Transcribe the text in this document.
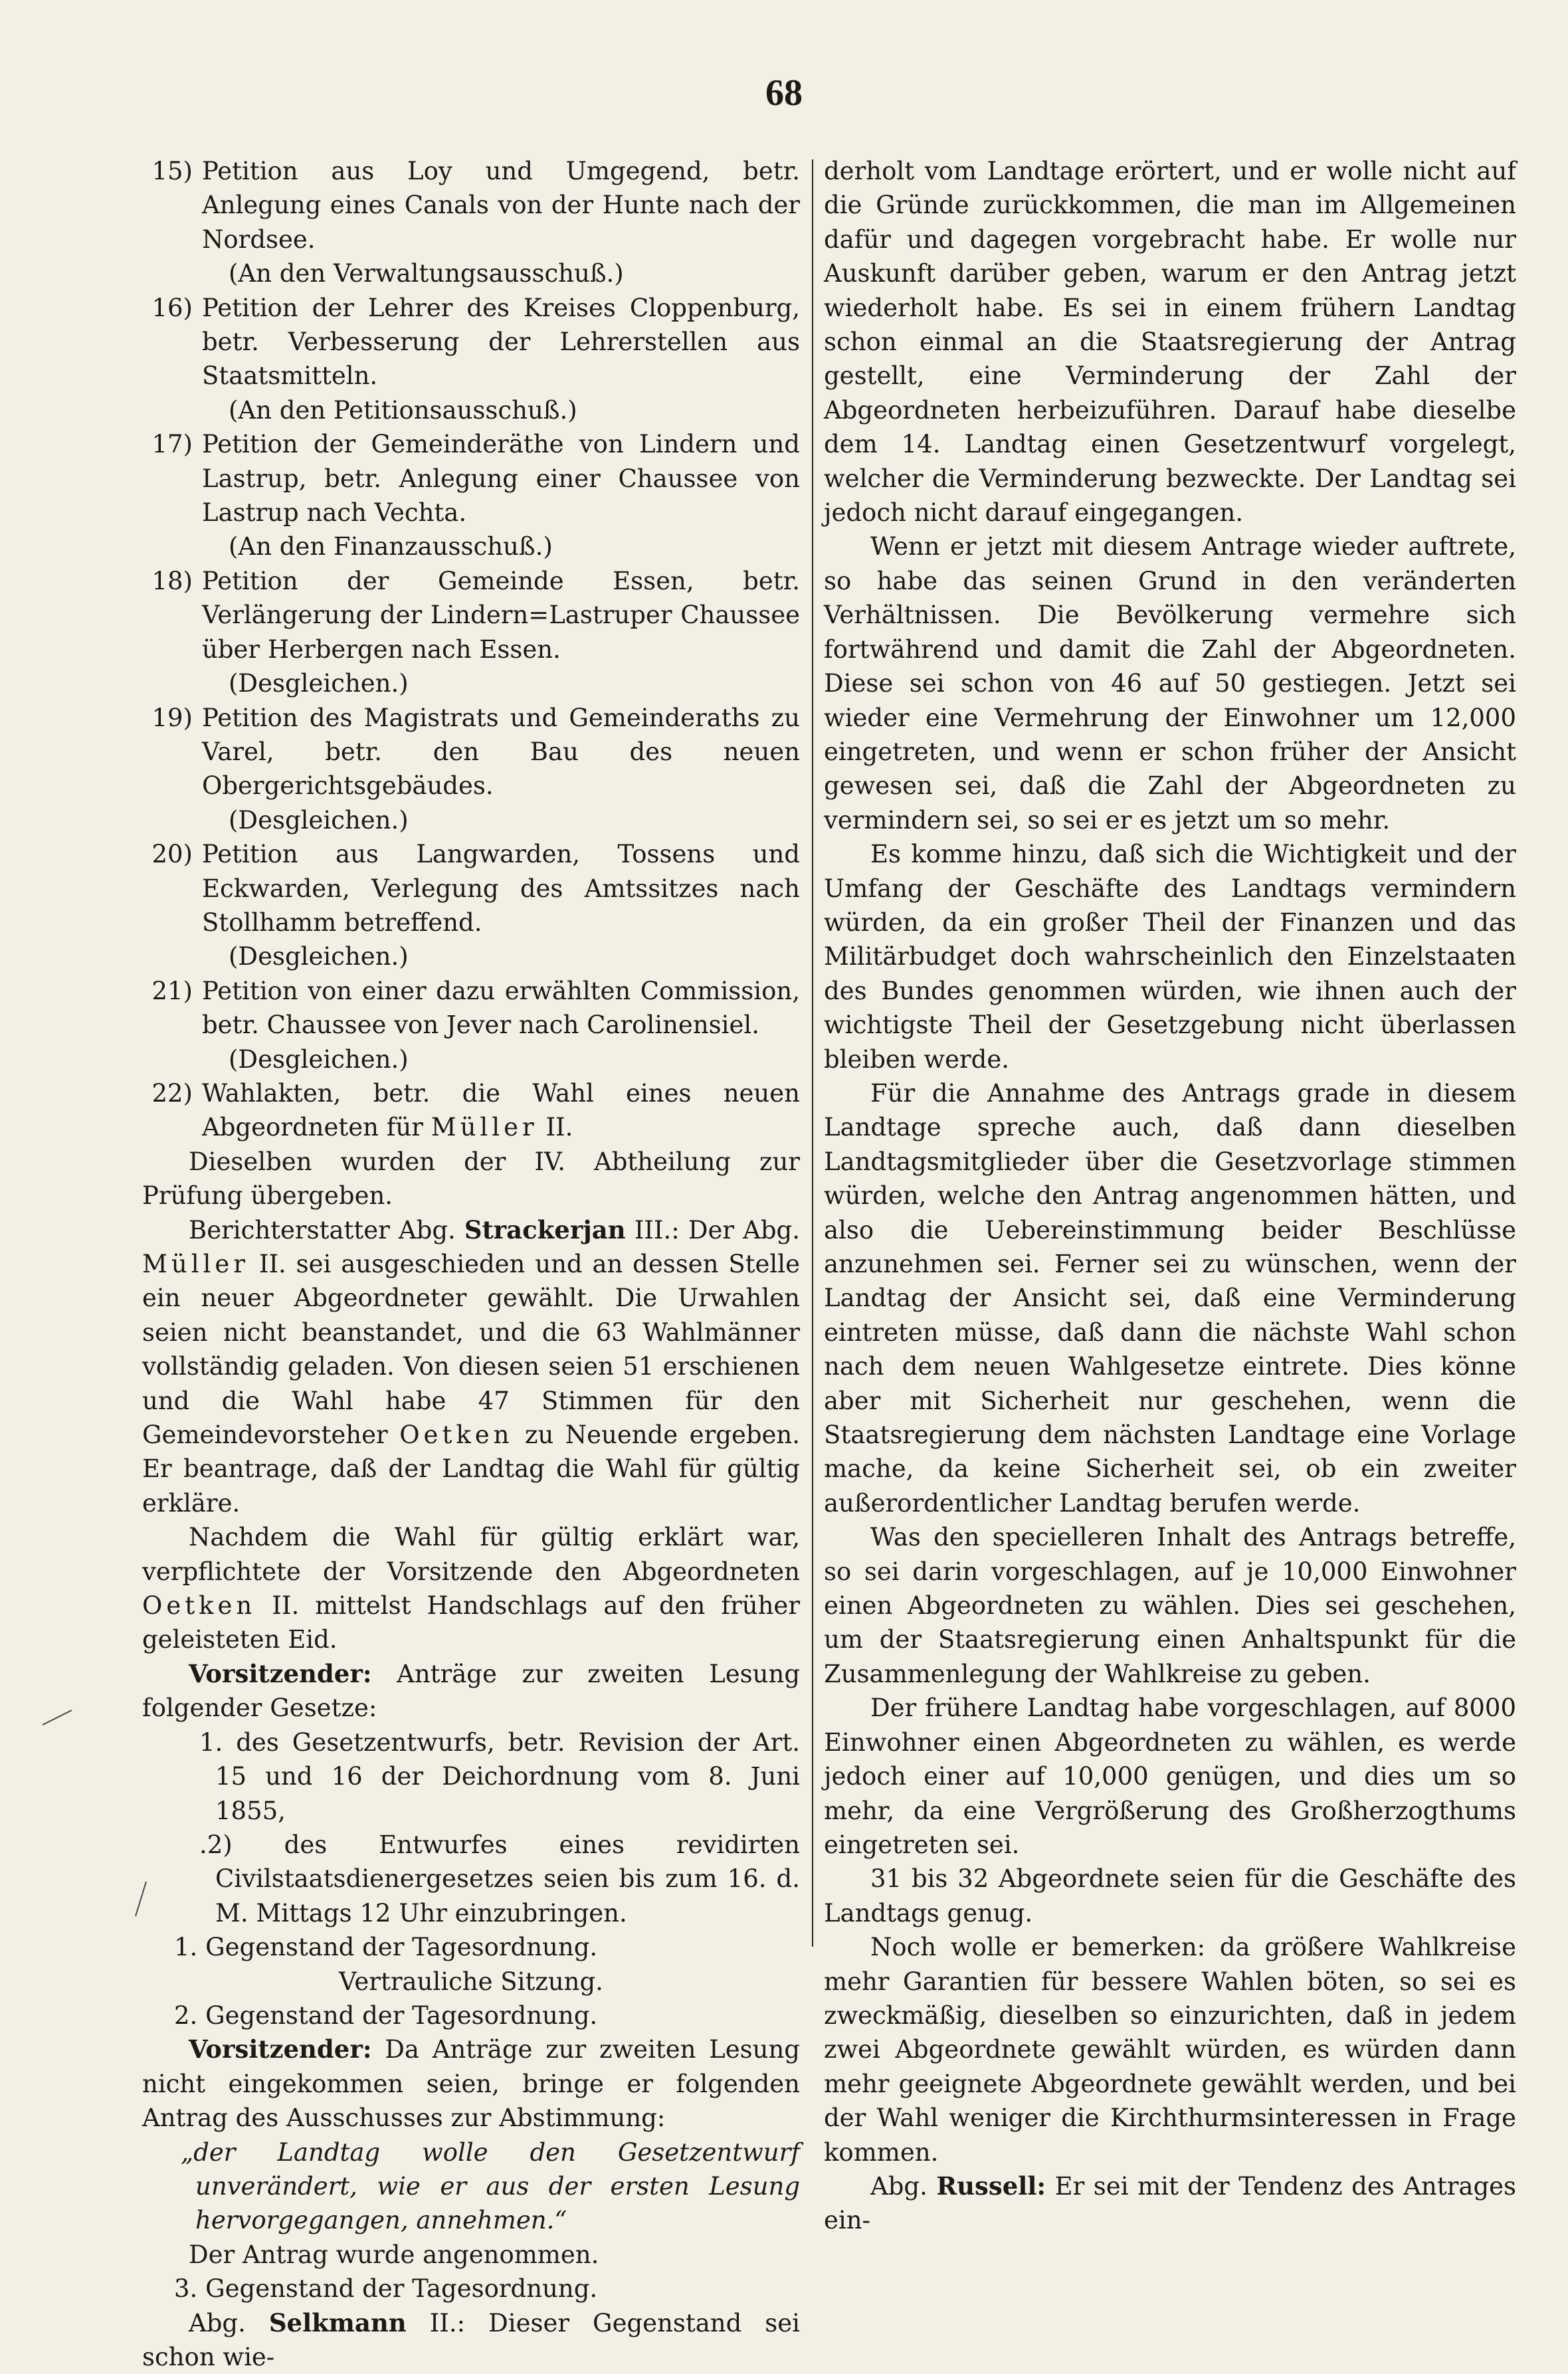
68
15) Petition aus Loy und Umgegend, betr. Anlegung eines Canals von der Hunte nach der Nordsee.

(An den Verwaltungsausschuß.)

16) Petition der Lehrer des Kreises Cloppenburg, betr. Verbesserung der Lehrerstellen aus Staatsmitteln.

(An den Petitionsausschuß.)

17) Petition der Gemeinderäthe von Lindern und Lastrup, betr. Anlegung einer Chaussee von Lastrup nach Vechta.

(An den Finanzausschuß.)

18) Petition der Gemeinde Essen, betr. Verlängerung der Lindern=Lastruper Chaussee über Herbergen nach Essen.

(Desgleichen.)

19) Petition des Magistrats und Gemeinderaths zu Varel, betr. den Bau des neuen Obergerichtsgebäudes.

(Desgleichen.)

20) Petition aus Langwarden, Tossens und Eckwarden, Verlegung des Amtssitzes nach Stollhamm betreffend.

(Desgleichen.)

21) Petition von einer dazu erwählten Commission, betr. Chaussee von Jever nach Carolinensiel.

(Desgleichen.)

22) Wahlakten, betr. die Wahl eines neuen Abgeordneten für Müller II.

Dieselben wurden der IV. Abtheilung zur Prüfung übergeben.

Berichterstatter Abg. Strackerjan III.: Der Abg. Müller II. sei ausgeschieden und an dessen Stelle ein neuer Abgeordneter gewählt. Die Urwahlen seien nicht beanstandet, und die 63 Wahlmänner vollständig geladen. Von diesen seien 51 erschienen und die Wahl habe 47 Stimmen für den Gemeindevorsteher Oetken zu Neuende ergeben. Er beantrage, daß der Landtag die Wahl für gültig erkläre.

Nachdem die Wahl für gültig erklärt war, verpflichtete der Vorsitzende den Abgeordneten Oetken II. mittelst Handschlags auf den früher geleisteten Eid.

Vorsitzender: Anträge zur zweiten Lesung folgender Gesetze:

1. des Gesetzentwurfs, betr. Revision der Art. 15 und 16 der Deichordnung vom 8. Juni 1855,

.2) des Entwurfes eines revidirten Civilstaatsdienergesetzes seien bis zum 16. d. M. Mittags 12 Uhr einzubringen.

1. Gegenstand der Tagesordnung.

Vertrauliche Sitzung.

2. Gegenstand der Tagesordnung.

Vorsitzender: Da Anträge zur zweiten Lesung nicht eingekommen seien, bringe er folgenden Antrag des Ausschusses zur Abstimmung:

„der Landtag wolle den Gesetzentwurf unverändert, wie er aus der ersten Lesung hervorgegangen, annehmen.“

Der Antrag wurde angenommen.

3. Gegenstand der Tagesordnung.

Abg. Selkmann II.: Dieser Gegenstand sei schon wie-

derholt vom Landtage erörtert, und er wolle nicht auf die Gründe zurückkommen, die man im Allgemeinen dafür und dagegen vorgebracht habe. Er wolle nur Auskunft darüber geben, warum er den Antrag jetzt wiederholt habe. Es sei in einem frühern Landtag schon einmal an die Staatsregierung der Antrag gestellt, eine Verminderung der Zahl der Abgeordneten herbeizuführen. Darauf habe dieselbe dem 14. Landtag einen Gesetzentwurf vorgelegt, welcher die Verminderung bezweckte. Der Landtag sei jedoch nicht darauf eingegangen.

Wenn er jetzt mit diesem Antrage wieder auftrete, so habe das seinen Grund in den veränderten Verhältnissen. Die Bevölkerung vermehre sich fortwährend und damit die Zahl der Abgeordneten. Diese sei schon von 46 auf 50 gestiegen. Jetzt sei wieder eine Vermehrung der Einwohner um 12,000 eingetreten, und wenn er schon früher der Ansicht gewesen sei, daß die Zahl der Abgeordneten zu vermindern sei, so sei er es jetzt um so mehr.

Es komme hinzu, daß sich die Wichtigkeit und der Umfang der Geschäfte des Landtags vermindern würden, da ein großer Theil der Finanzen und das Militärbudget doch wahrscheinlich den Einzelstaaten des Bundes genommen würden, wie ihnen auch der wichtigste Theil der Gesetzgebung nicht überlassen bleiben werde.

Für die Annahme des Antrags grade in diesem Landtage spreche auch, daß dann dieselben Landtagsmitglieder über die Gesetzvorlage stimmen würden, welche den Antrag angenommen hätten, und also die Uebereinstimmung beider Beschlüsse anzunehmen sei. Ferner sei zu wünschen, wenn der Landtag der Ansicht sei, daß eine Verminderung eintreten müsse, daß dann die nächste Wahl schon nach dem neuen Wahlgesetze eintrete. Dies könne aber mit Sicherheit nur geschehen, wenn die Staatsregierung dem nächsten Landtage eine Vorlage mache, da keine Sicherheit sei, ob ein zweiter außerordentlicher Landtag berufen werde.

Was den specielleren Inhalt des Antrags betreffe, so sei darin vorgeschlagen, auf je 10,000 Einwohner einen Abgeordneten zu wählen. Dies sei geschehen, um der Staatsregierung einen Anhaltspunkt für die Zusammenlegung der Wahlkreise zu geben.

Der frühere Landtag habe vorgeschlagen, auf 8000 Einwohner einen Abgeordneten zu wählen, es werde jedoch einer auf 10,000 genügen, und dies um so mehr, da eine Vergrößerung des Großherzogthums eingetreten sei.

31 bis 32 Abgeordnete seien für die Geschäfte des Landtags genug.

Noch wolle er bemerken: da größere Wahlkreise mehr Garantien für bessere Wahlen böten, so sei es zweckmäßig, dieselben so einzurichten, daß in jedem zwei Abgeordnete gewählt würden, es würden dann mehr geeignete Abgeordnete gewählt werden, und bei der Wahl weniger die Kirchthurmsinteressen in Frage kommen.

Abg. Russell: Er sei mit der Tendenz des Antrages ein-
